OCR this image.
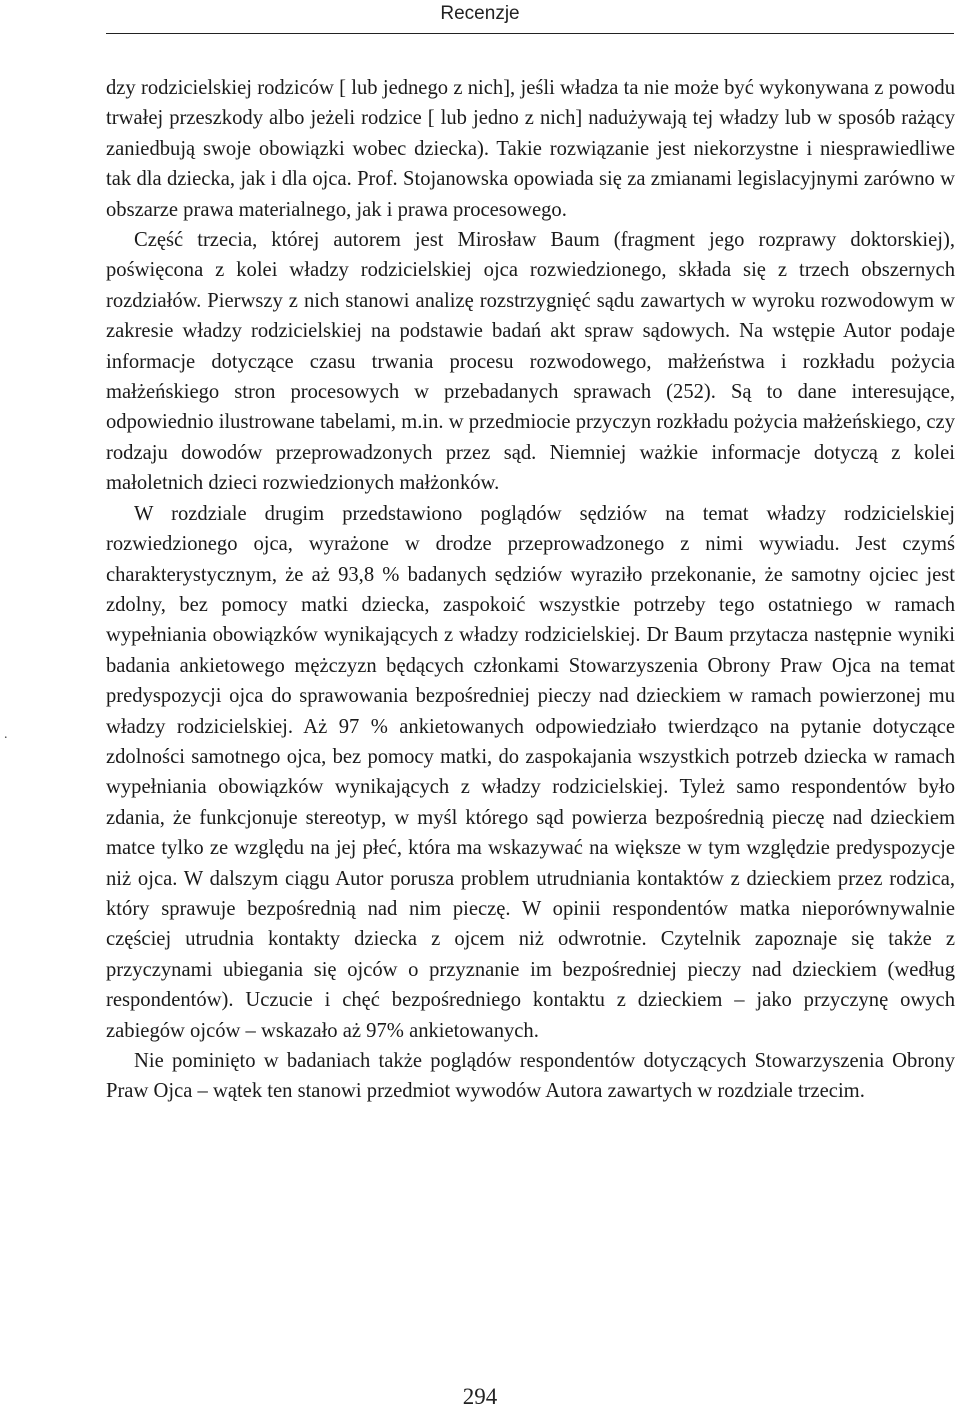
Recenzje

dzy rodzicielskiej rodziców [ lub jednego z nich], jeśli władza ta nie może być wykonywana z powodu trwałej przeszkody albo jeżeli rodzice [ lub jedno z nich] nadużywają tej władzy lub w sposób rażący zaniedbują swoje obowiązki wobec dziecka). Takie rozwiązanie jest niekorzystne i niesprawiedliwe tak dla dziecka, jak i dla ojca. Prof. Stojanowska opowiada się za zmianami legislacyjnymi zarówno w obszarze prawa materialnego, jak i prawa procesowego.

Część trzecia, której autorem jest Mirosław Baum (fragment jego rozprawy doktorskiej), poświęcona z kolei władzy rodzicielskiej ojca rozwiedzionego, składa się z trzech obszernych rozdziałów. Pierwszy z nich stanowi analizę rozstrzygnięć sądu zawartych w wyroku rozwodowym w zakresie władzy rodzicielskiej na podstawie badań akt spraw sądowych. Na wstępie Autor podaje informacje dotyczące czasu trwania procesu rozwodowego, małżeństwa i rozkładu pożycia małżeńskiego stron procesowych w przebadanych sprawach (252). Są to dane interesujące, odpowiednio ilustrowane tabelami, m.in. w przedmiocie przyczyn rozkładu pożycia małżeńskiego, czy rodzaju dowodów przeprowadzonych przez sąd. Niemniej ważkie informacje dotyczą z kolei małoletnich dzieci rozwiedzionych małżonków.

W rozdziale drugim przedstawiono poglądów sędziów na temat władzy rodzicielskiej rozwiedzionego ojca, wyrażone w drodze przeprowadzonego z nimi wywiadu. Jest czymś charakterystycznym, że aż 93,8 % badanych sędziów wyraziło przekonanie, że samotny ojciec jest zdolny, bez pomocy matki dziecka, zaspokoić wszystkie potrzeby tego ostatniego w ramach wypełniania obowiązków wynikających z władzy rodzicielskiej. Dr Baum przytacza następnie wyniki badania ankietowego mężczyzn będących członkami Stowarzyszenia Obrony Praw Ojca na temat predyspozycji ojca do sprawowania bezpośredniej pieczy nad dzieckiem w ramach powierzonej mu władzy rodzicielskiej. Aż 97 % ankietowanych odpowiedziało twierdząco na pytanie dotyczące zdolności samotnego ojca, bez pomocy matki, do zaspokajania wszystkich potrzeb dziecka w ramach wypełniania obowiązków wynikających z władzy rodzicielskiej. Tyleż samo respondentów było zdania, że funkcjonuje stereotyp, w myśl którego sąd powierza bezpośrednią pieczę nad dzieckiem matce tylko ze względu na jej płeć, która ma wskazywać na większe w tym względzie predyspozycje niż ojca. W dalszym ciągu Autor porusza problem utrudniania kontaktów z dzieckiem przez rodzica, który sprawuje bezpośrednią nad nim pieczę. W opinii respondentów matka nieporównywalnie częściej utrudnia kontakty dziecka z ojcem niż odwrotnie. Czytelnik zapoznaje się także z przyczynami ubiegania się ojców o przyznanie im bezpośredniej pieczy nad dzieckiem (według respondentów). Uczucie i chęć bezpośredniego kontaktu z dzieckiem – jako przyczynę owych zabiegów ojców – wskazało aż 97% ankietowanych.

Nie pominięto w badaniach także poglądów respondentów dotyczących Stowarzyszenia Obrony Praw Ojca – wątek ten stanowi przedmiot wywodów Autora zawartych w rozdziale trzecim.

.
294
